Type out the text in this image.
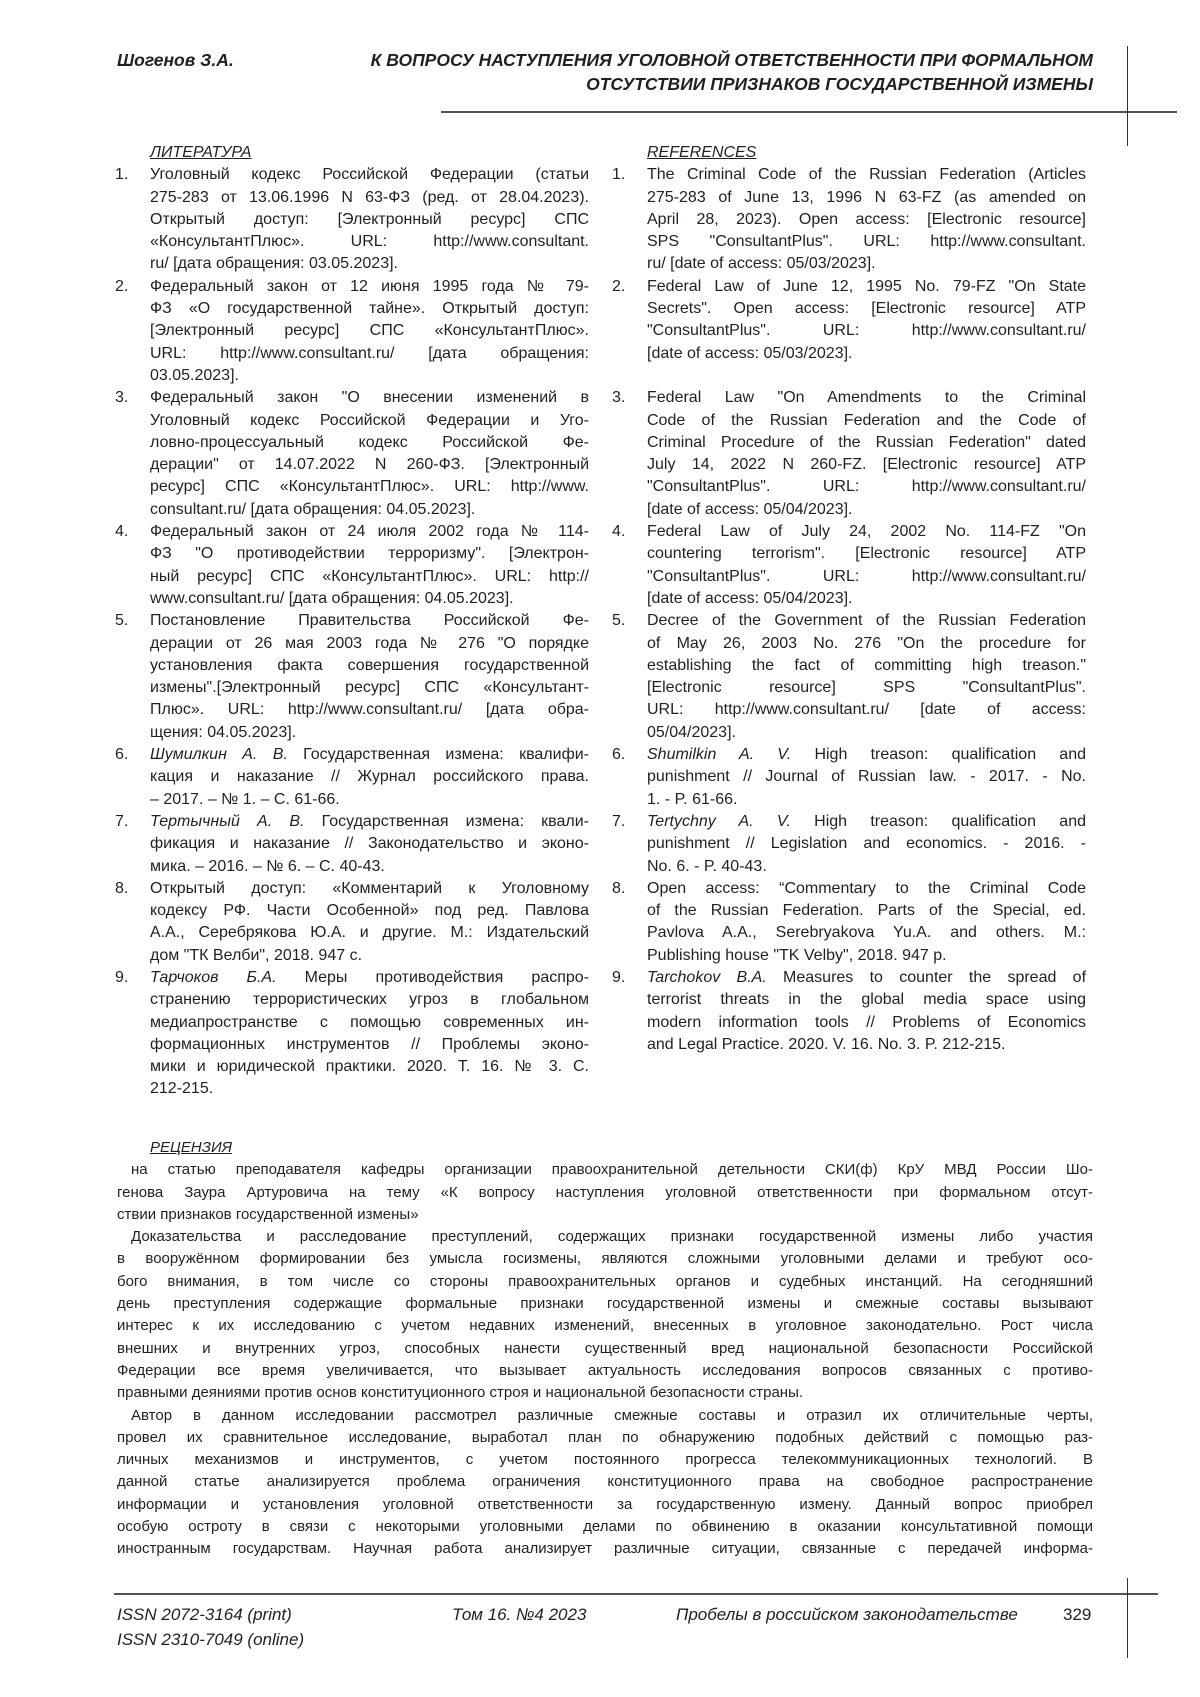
Шогенов З.А.	К ВОПРОСУ НАСТУПЛЕНИЯ УГОЛОВНОЙ ОТВЕТСТВЕННОСТИ ПРИ ФОРМАЛЬНОМ
ОТСУТСТВИИ ПРИЗНАКОВ ГОСУДАРСТВЕННОЙ ИЗМЕНЫ
ЛИТЕРАТУРА
1. Уголовный кодекс Российской Федерации (статьи
275-283 от 13.06.1996 N 63-ФЗ (ред. от 28.04.2023).
Открытый доступ: [Электронный ресурс] СПС
«КонсультантПлюс». URL: http://www.consultant.
ru/ [дата обращения: 03.05.2023].
2. Федеральный закон от 12 июня 1995 года № 79-
ФЗ «О государственной тайне». Открытый доступ:
[Электронный ресурс] СПС «КонсультантПлюс».
URL: http://www.consultant.ru/ [дата обращения:
03.05.2023].
3. Федеральный закон "О внесении изменений в
Уголовный кодекс Российской Федерации и Уго-
ловно-процессуальный кодекс Российской Фе-
дерации" от 14.07.2022 N 260-ФЗ. [Электронный
ресурс] СПС «КонсультантПлюс». URL: http://www.
consultant.ru/ [дата обращения: 04.05.2023].
4. Федеральный закон от 24 июля 2002 года № 114-
ФЗ "О противодействии терроризму". [Электрон-
ный ресурс] СПС «КонсультантПлюс». URL: http://
www.consultant.ru/ [дата обращения: 04.05.2023].
5. Постановление Правительства Российской Фе-
дерации от 26 мая 2003 года № 276 "О порядке
установления факта совершения государственной
измены".[Электронный ресурс] СПС «Консультант-
Плюс». URL: http://www.consultant.ru/ [дата обра-
щения: 04.05.2023].
6. Шумилкин А. В. Государственная измена: квалифи-
кация и наказание // Журнал российского права.
– 2017. – № 1. – С. 61-66.
7. Тертычный А. В. Государственная измена: квали-
фикация и наказание // Законодательство и эконо-
мика. – 2016. – № 6. – С. 40-43.
8. Открытый доступ: «Комментарий к Уголовному
кодексу РФ. Части Особенной» под ред. Павлова
А.А., Серебрякова Ю.А. и другие. М.: Издательский
дом "ТК Велби", 2018. 947 с.
9. Тарчоков Б.А. Меры противодействия распро-
странению террористических угроз в глобальном
медиапространстве с помощью современных ин-
формационных инструментов // Проблемы эконо-
мики и юридической практики. 2020. Т. 16. № 3. С.
212-215.
REFERENCES
1. The Criminal Code of the Russian Federation (Articles
275-283 of June 13, 1996 N 63-FZ (as amended on
April 28, 2023). Open access: [Electronic resource]
SPS "ConsultantPlus". URL: http://www.consultant.
ru/ [date of access: 05/03/2023].
2. Federal Law of June 12, 1995 No. 79-FZ "On State
Secrets". Open access: [Electronic resource] ATP
"ConsultantPlus". URL: http://www.consultant.ru/
[date of access: 05/03/2023].
3. Federal Law "On Amendments to the Criminal
Code of the Russian Federation and the Code of
Criminal Procedure of the Russian Federation" dated
July 14, 2022 N 260-FZ. [Electronic resource] ATP
"ConsultantPlus". URL: http://www.consultant.ru/
[date of access: 05/04/2023].
4. Federal Law of July 24, 2002 No. 114-FZ "On
countering terrorism". [Electronic resource] ATP
"ConsultantPlus". URL: http://www.consultant.ru/
[date of access: 05/04/2023].
5. Decree of the Government of the Russian Federation
of May 26, 2003 No. 276 "On the procedure for
establishing the fact of committing high treason."
[Electronic resource] SPS "ConsultantPlus".
URL: http://www.consultant.ru/ [date of access:
05/04/2023].
6. Shumilkin A. V. High treason: qualification and
punishment // Journal of Russian law. - 2017. - No.
1. - P. 61-66.
7. Tertychny A. V. High treason: qualification and
punishment // Legislation and economics. - 2016. -
No. 6. - P. 40-43.
8. Open access: “Commentary to the Criminal Code
of the Russian Federation. Parts of the Special, ed.
Pavlova A.A., Serebryakova Yu.A. and others. M.:
Publishing house "TK Velby", 2018. 947 p.
9. Tarchokov B.A. Measures to counter the spread of
terrorist threats in the global media space using
modern information tools // Problems of Economics
and Legal Practice. 2020. V. 16. No. 3. P. 212-215.
РЕЦЕНЗИЯ
на статью преподавателя кафедры организации правоохранительной детельности СКИ(ф) КрУ МВД России Шо-
генова Заура Артуровича на тему «К вопросу наступления уголовной ответственности при формальном отсут-
ствии признаков государственной измены»
Доказательства и расследование преступлений, содержащих признаки государственной измены либо участия
в вооружённом формировании без умысла госизмены, являются сложными уголовными делами и требуют осо-
бого внимания, в том числе со стороны правоохранительных органов и судебных инстанций. На сегодняшний
день преступления содержащие формальные признаки государственной измены и смежные составы вызывают
интерес к их исследованию с учетом недавних изменений, внесенных в уголовное законодательно. Рост числа
внешних и внутренних угроз, способных нанести существенный вред национальной безопасности Российской
Федерации все время увеличивается, что вызывает актуальность исследования вопросов связанных с противо-
правными деяниями против основ конституционного строя и национальной безопасности страны.
Автор в данном исследовании рассмотрел различные смежные составы и отразил их отличительные черты,
провел их сравнительное исследование, выработал план по обнаружению подобных действий с помощью раз-
личных механизмов и инструментов, с учетом постоянного прогресса телекоммуникационных технологий. В
данной статье анализируется проблема ограничения конституционного права на свободное распространение
информации и установления уголовной ответственности за государственную измену. Данный вопрос приобрел
особую остроту в связи с некоторыми уголовными делами по обвинению в оказании консультативной помощи
иностранным государствам. Научная работа анализирует различные ситуации, связанные с передачей информа-
ISSN 2072-3164 (print)
ISSN 2310-7049 (online)
Том 16. №4 2023	Пробелы в российском законодательстве	329
